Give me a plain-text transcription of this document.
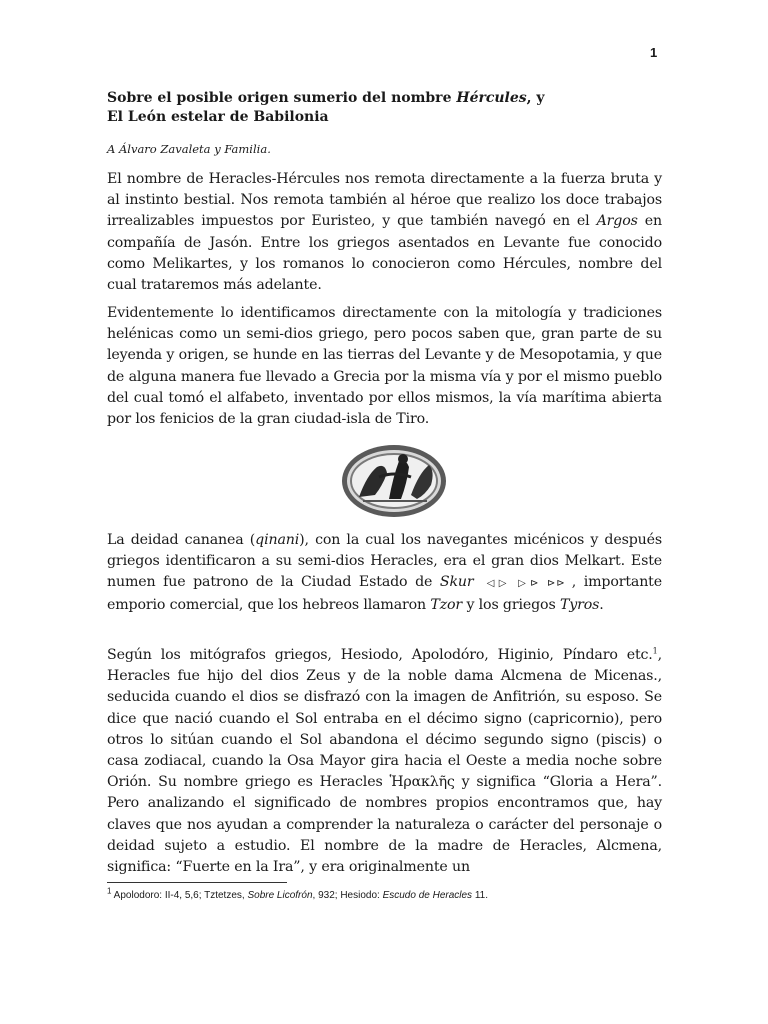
1
Sobre el posible origen sumerio del nombre Hércules, y
El León estelar de Babilonia
A Álvaro Zavaleta y Familia.
El nombre de Heracles-Hércules nos remota directamente a la fuerza bruta y al instinto bestial. Nos remota también al héroe que realizo los doce trabajos irrealizables impuestos por Euristeo, y que también navegó en el Argos en compañía de Jasón. Entre los griegos asentados en Levante fue conocido como Melikartes, y los romanos lo conocieron como Hércules, nombre del cual trataremos más adelante.
Evidentemente lo identificamos directamente con la mitología y tradiciones helénicas como un semi-dios griego, pero pocos saben que, gran parte de su leyenda y origen, se hunde en las tierras del Levante y de Mesopotamia, y que de alguna manera fue llevado a Grecia por la misma vía y por el mismo pueblo del cual tomó el alfabeto, inventado por ellos mismos, la vía marítima abierta por los fenicios de la gran ciudad-isla de Tiro.
La deidad cananea (qinani), con la cual los navegantes micénicos y después griegos identificaron a su semi-dios Heracles, era el gran dios Melkart. Este numen fue patrono de la Ciudad Estado de Skur ◁▷ ▷⊳ ⊳⊳ , importante emporio comercial, que los hebreos llamaron Tzor y los griegos Tyros.
Según los mitógrafos griegos, Hesiodo, Apolodóro, Higinio, Píndaro etc.$^1$, Heracles fue hijo del dios Zeus y de la noble dama Alcmena de Micenas., seducida cuando el dios se disfrazó con la imagen de Anfitrión, su esposo. Se dice que nació cuando el Sol entraba en el décimo signo (capricornio), pero otros lo sitúan cuando el Sol abandona el décimo segundo signo (piscis) o casa zodiacal, cuando la Osa Mayor gira hacia el Oeste a media noche sobre Orión. Su nombre griego es Heracles Ἡρακλῆς y significa “Gloria a Hera”. Pero analizando el significado de nombres propios encontramos que, hay claves que nos ayudan a comprender la naturaleza o carácter del personaje o deidad sujeto a estudio. El nombre de la madre de Heracles, Alcmena, significa: “Fuerte en la Ira”, y era originalmente un
$^1$ Apolodoro: II-4, 5,6; Tztetzes, Sobre Licofrón, 932; Hesiodo: Escudo de Heracles 11.
